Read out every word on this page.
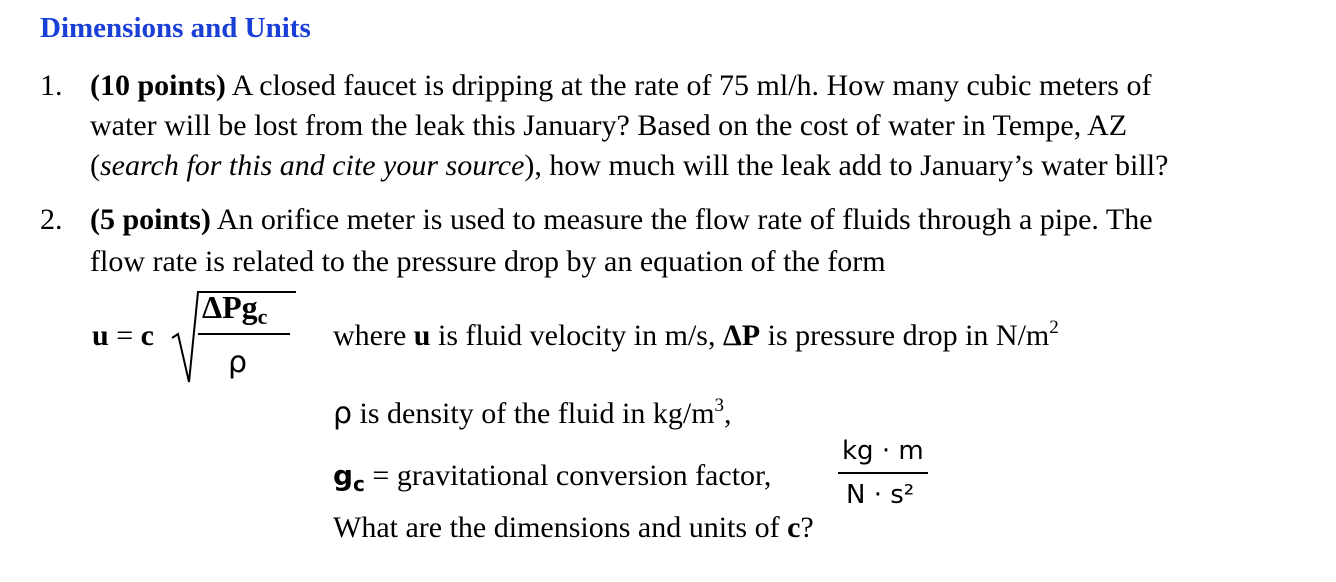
Dimensions and Units
1. (10 points) A closed faucet is dripping at the rate of 75 ml/h. How many cubic meters of
water will be lost from the leak this January? Based on the cost of water in Tempe, AZ
(search for this and cite your source), how much will the leak add to January’s water bill?
2. (5 points) An orifice meter is used to measure the flow rate of fluids through a pipe. The
flow rate is related to the pressure drop by an equation of the form
u = c
ΔPgc
ρ
where u is fluid velocity in m/s, ΔP is pressure drop in $N/m^2$
ρ is density of the fluid in $kg/m^3$,
$g_c$ = gravitational conversion factor,
kg · m
N · s²
What are the dimensions and units of c?
